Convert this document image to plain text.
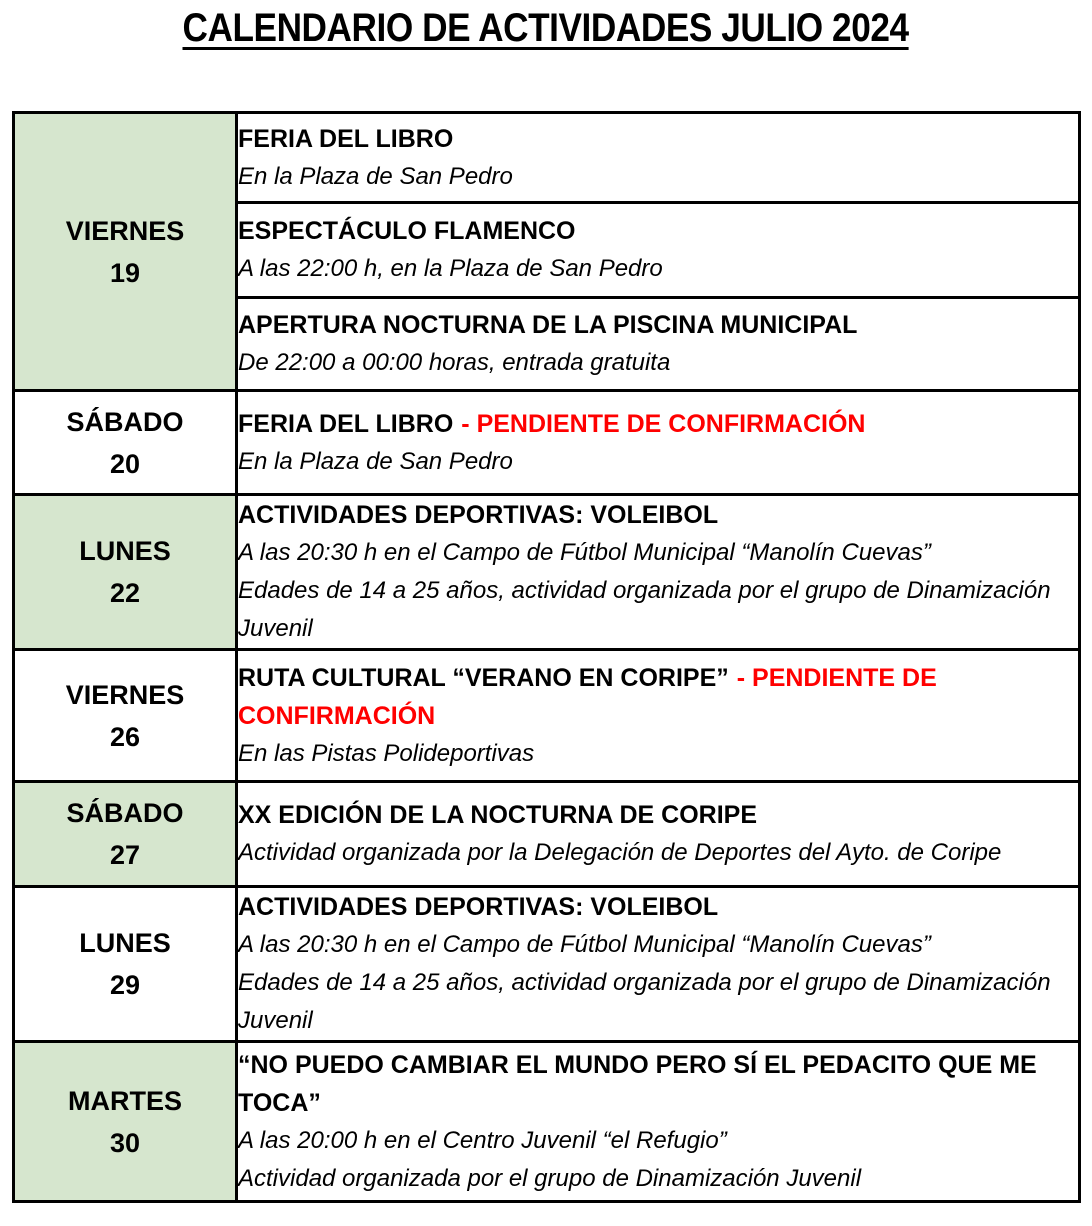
CALENDARIO DE ACTIVIDADES JULIO 2024
VIERNES
19

FERIA DEL LIBRO
En la Plaza de San Pedro

	ESPECTÁCULO FLAMENCO
A las 22:00 h, en la Plaza de San Pedro

	APERTURA NOCTURNA DE LA PISCINA MUNICIPAL
De 22:00 a 00:00 horas, entrada gratuita

SÁBADO
20

FERIA DEL LIBRO - PENDIENTE DE CONFIRMACIÓN
En la Plaza de San Pedro

LUNES
22

ACTIVIDADES DEPORTIVAS: VOLEIBOL
A las 20:30 h en el Campo de Fútbol Municipal “Manolín Cuevas”
Edades de 14 a 25 años, actividad organizada por el grupo de Dinamización Juvenil

VIERNES
26

RUTA CULTURAL “VERANO EN CORIPE” - PENDIENTE DE CONFIRMACIÓN
En las Pistas Polideportivas

SÁBADO
27

XX EDICIÓN DE LA NOCTURNA DE CORIPE
Actividad organizada por la Delegación de Deportes del Ayto. de Coripe

LUNES
29

ACTIVIDADES DEPORTIVAS: VOLEIBOL
A las 20:30 h en el Campo de Fútbol Municipal “Manolín Cuevas”
Edades de 14 a 25 años, actividad organizada por el grupo de Dinamización Juvenil

MARTES
30

“NO PUEDO CAMBIAR EL MUNDO PERO SÍ EL PEDACITO QUE ME TOCA”
A las 20:00 h en el Centro Juvenil “el Refugio”
Actividad organizada por el grupo de Dinamización Juvenil
